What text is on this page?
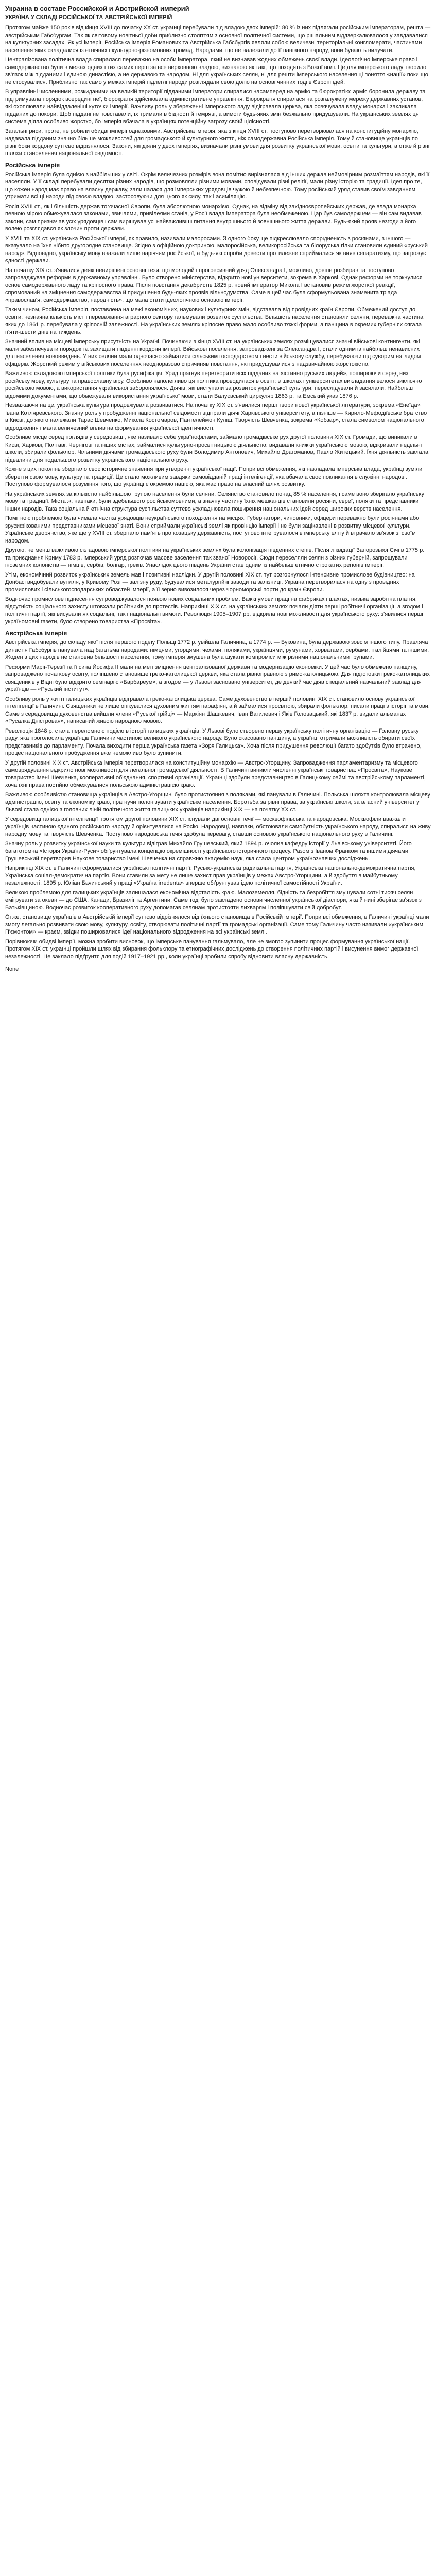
Украина в составе Российской и Австрийской империй
УКРАЇНА У СКЛАДІ РОСІЙСЬКОЇ ТА АВСТРІЙСЬКОЇ ІМПЕРІЙ

Протягом майже 150 років від кінця XVIII до початку XX ст. українці перебували під владою двох імперій: 80 % із них підлягали російським імператорам, решта — австрійським Габсбургам. Так як світовому новітньої доби приблизно століттям з основної політичної системи, що рішальним віддзеркалювалося у завдавалися на культурних засадах. Як усі імперії, Російська імперія Романових та Австрійська Габсбургів являли собою величезні територіальні конгломерати, частинами населення яких складалися із етнічних і культурно-різномовних громад. Народами, що не належали до її панівного народу, вони бувають вилучати.

Централізована політична влада спиралася переважно на особи імператора, який не визнавав жодних обмежень своєї влади. Ідеологічно імперське право і самодержавство були в межах одних і тих самих перш за все верховною владою, визнаною як такі, що походять з Божої волі. Це для імперського ладу творило зв'язок між підданими і єдиною династією, а не державою та народом. Ні для українських селян, ні для решти імперського населення ці поняття «нації» поки що не стосувалися. Приблизно так само у межах імперій підлеглі народи розглядали свою долю на основі чинних тоді в Європі ідей.

В управлінні численними, розкиданими на великій території підданими імператори спиралися насамперед на армію та бюрократію: армія боронила державу та підтримувала порядок всередині неї, бюрократія здійснювала адміністративне управління. Бюрократія спиралася на розгалужену мережу державних установ, які охоплювали найвіддаленіші куточки імперії. Важливу роль у збереженні імперського ладу відігравала церква, яка освячувала владу монарха і закликала підданих до покори. Щоб піддані не повставали, їх тримали в бідності й темряві, а вимоги будь-яких змін безжально придушували. На українських землях ця система діяла особливо жорстко, бо імперія вбачала в українцях потенційну загрозу своїй цілісності.

Загальні риси, проте, не робили обидві імперії однаковими. Австрійська імперія, яка з кінця XVIII ст. поступово перетворювалася на конституційну монархію, надавала підданим значно більше можливостей для громадського й культурного життя, ніж самодержавна Російська імперія. Тому й становище українців по різні боки кордону суттєво відрізнялося. Закони, які діяли у двох імперіях, визначали різні умови для розвитку української мови, освіти та культури, а отже й різні шляхи становлення національної свідомості.

Російська імперія

Російська імперія була однією з найбільших у світі. Окрім величезних розмірів вона помітно вирізнялася від інших держав неймовірним розмаїттям народів, які її населяли. У її складі перебували десятки різних народів, що розмовляли різними мовами, сповідували різні релігії, мали різну історію та традиції. Ідея про те, що кожен народ має право на власну державу, залишалася для імперських урядовців чужою й небезпечною. Тому російський уряд ставив своїм завданням утримати всі ці народи під своєю владою, застосовуючи для цього як силу, так і асиміляцію.

Росія XVIII ст., як і більшість держав тогочасної Європи, була абсолютною монархією. Однак, на відміну від західноєвропейських держав, де влада монарха певною мірою обмежувалася законами, звичаями, привілеями станів, у Росії влада імператора була необмеженою. Цар був самодержцем — він сам видавав закони, сам призначав усіх урядовців і сам вирішував усі найважливіші питання внутрішнього й зовнішнього життя держави. Будь-який прояв незгоди з його волею розглядався як злочин проти держави.

У XVIII та XIX ст. українська Російської імперії, як правило, називали малоросами. З одного боку, це підкреслювало спорідненість з росіянами, з іншого — вказувало на їхнє нібито другорядне становище. Згідно з офіційною доктриною, малоросійська, великоросійська та білоруська гілки становили єдиний «руський народ». Відповідно, українську мову вважали лише наріччям російської, а будь-які спроби довести протилежне сприймалися як вияв сепаратизму, що загрожує єдності держави.

На початку XIX ст. з'явилися деякі невирішені основні тези, що молодий і прогресивний уряд Олександра I, можливо, довше розбирав та поступово запроваджував реформи в державному управлінні. Було створено міністерства, відкрито нові університети, зокрема в Харкові. Однак реформи не торкнулися основ самодержавного ладу та кріпосного права. Після повстання декабристів 1825 р. новий імператор Микола I встановив режим жорсткої реакції, спрямований на зміцнення самодержавства й придушення будь-яких проявів вільнодумства. Саме в цей час була сформульована знаменита тріада «православ'я, самодержавство, народність», що мала стати ідеологічною основою імперії.

Таким чином, Російська імперія, поставлена на межі економічних, наукових і культурних змін, відставала від провідних країн Європи. Обмежений доступ до освіти, незначна кількість міст і переважання аграрного сектору гальмували розвиток суспільства. Більшість населення становили селяни, переважна частина яких до 1861 р. перебувала у кріпосній залежності. На українських землях кріпосне право мало особливо тяжкі форми, а панщина в окремих губерніях сягала п'яти-шести днів на тиждень.

Значний вплив на місцеві імперську присутність на Україні. Починаючи з кінця XVIII ст. на українських землях розміщувалися значні військові контингенти, які мали забезпечувати порядок та захищати південні кордони імперії. Військові поселення, запроваджені за Олександра I, стали одним із найбільш ненависних для населення нововведень. У них селяни мали одночасно займатися сільським господарством і нести військову службу, перебуваючи під суворим наглядом офіцерів. Жорсткий режим у військових поселеннях неодноразово спричиняв повстання, які придушувалися з надзвичайною жорстокістю.

Важливою складовою імперської політики була русифікація. Уряд прагнув перетворити всіх підданих на «істинно руських людей», поширюючи серед них російську мову, культуру та православну віру. Особливо наполегливо ця політика проводилася в освіті: в школах і університетах викладання велося виключно російською мовою, а використання української заборонялося. Діячів, які виступали за розвиток української культури, переслідували й засилали. Найбільш відомими документами, що обмежували використання української мови, стали Валуєвський циркуляр 1863 р. та Емський указ 1876 р.

Незважаючи на це, українська культура продовжувала розвиватися. На початку XIX ст. з'явилися перші твори нової української літератури, зокрема «Енеїда» Івана Котляревського. Значну роль у пробудженні національної свідомості відіграли діячі Харківського університету, а пізніше — Кирило-Мефодіївське братство в Києві, до якого належали Тарас Шевченко, Микола Костомаров, Пантелеймон Куліш. Творчість Шевченка, зокрема «Кобзар», стала символом національного відродження і мала величезний вплив на формування української ідентичності.

Особливе місце серед поглядів у середовищі, яке називало себе українофілами, займало громадівське рух другої половини XIX ст. Громади, що виникали в Києві, Харкові, Полтаві, Чернігові та інших містах, займалися культурно-просвітницькою діяльністю: видавали книжки українською мовою, відкривали недільні школи, збирали фольклор. Чільними діячами громадівського руху були Володимир Антонович, Михайло Драгоманов, Павло Житецький. Їхня діяльність заклала підвалини для подальшого розвитку українського національного руху.

Кожне з цих поколінь зберігало своє історичне значення при утворенні української нації. Попри всі обмеження, які накладала імперська влада, українці зуміли зберегти свою мову, культуру та традиції. Це стало можливим завдяки самовідданій праці інтелігенції, яка вбачала своє покликання в служінні народові. Поступово формувалося розуміння того, що українці є окремою нацією, яка має право на власний шлях розвитку.

На українських землях за кількістю найбільшою групою населення були селяни. Селянство становило понад 85 % населення, і саме воно зберігало українську мову та традиції. Міста ж, навпаки, були здебільшого російськомовними, а значну частину їхніх мешканців становили росіяни, євреї, поляки та представники інших народів. Така соціальна й етнічна структура суспільства суттєво ускладнювала поширення національних ідей серед широких верств населення.

Помітною проблемою була чимала частка урядовців неукраїнського походження на місцях. Губернатори, чиновники, офіцери переважно були росіянами або зрусифікованими представниками місцевої знаті. Вони сприймали українські землі як провінцію імперії і не були зацікавлені в розвитку місцевої культури. Українське дворянство, яке ще у XVIII ст. зберігало пам'ять про козацьку державність, поступово інтегрувалося в імперську еліту й втрачало зв'язок зі своїм народом.

Другою, не менш важливою складовою імперської політики на українських землях була колонізація південних степів. Після ліквідації Запорозької Січі в 1775 р. та приєднання Криму 1783 р. імперський уряд розпочав масове заселення так званої Новоросії. Сюди переселяли селян з різних губерній, запрошували іноземних колоністів — німців, сербів, болгар, греків. Унаслідок цього південь України став одним із найбільш етнічно строкатих регіонів імперії.

Утім, економічний розвиток українських земель мав і позитивні наслідки. У другій половині XIX ст. тут розгорнулося інтенсивне промислове будівництво: на Донбасі видобували вугілля, у Кривому Розі — залізну руду, будувалися металургійні заводи та залізниці. Україна перетворилася на одну з провідних промислових і сільськогосподарських областей імперії, а її зерно вивозилося через чорноморські порти до країн Європи.

Водночас промислове піднесення супроводжувалося появою нових соціальних проблем. Важкі умови праці на фабриках і шахтах, низька заробітна платня, відсутність соціального захисту штовхали робітників до протестів. Наприкінці XIX ст. на українських землях почали діяти перші робітничі організації, а згодом і політичні партії, які висували як соціальні, так і національні вимоги. Революція 1905–1907 рр. відкрила нові можливості для українського руху: з'явилися перші україномовні газети, було створено товариства «Просвіта».

Австрійська імперія

Австрійська імперія, до складу якої після першого поділу Польщі 1772 р. увійшла Галичина, а 1774 р. — Буковина, була державою зовсім іншого типу. Правляча династія Габсбургів панувала над багатьма народами: німцями, угорцями, чехами, поляками, українцями, румунами, хорватами, сербами, італійцями та іншими. Жоден з цих народів не становив більшості населення, тому імперія змушена була шукати компроміси між різними національними групами.

Реформи Марії-Терезії та її сина Йосифа II мали на меті зміцнення централізованої держави та модернізацію економіки. У цей час було обмежено панщину, запроваджено початкову освіту, поліпшено становище греко-католицької церкви, яка стала рівноправною з римо-католицькою. Для підготовки греко-католицьких священиків у Відні було відкрито семінарію «Барбареум», а згодом — у Львові засновано університет, де деякий час діяв спеціальний навчальний заклад для українців — «Руський інститут».

Особливу роль у житті галицьких українців відігравала греко-католицька церква. Саме духовенство в першій половині XIX ст. становило основу української інтелігенції в Галичині. Священики не лише опікувалися духовним життям парафіян, а й займалися просвітою, збирали фольклор, писали праці з історії та мови. Саме з середовища духовенства вийшли члени «Руської трійці» — Маркіян Шашкевич, Іван Вагилевич і Яків Головацький, які 1837 р. видали альманах «Русалка Дністровая», написаний живою народною мовою.

Революція 1848 р. стала переломною подією в історії галицьких українців. У Львові було створено першу українську політичну організацію — Головну руську раду, яка проголосила українців Галичини частиною великого українського народу. Було скасовано панщину, а українці отримали можливість обирати своїх представників до парламенту. Почала виходити перша українська газета «Зоря Галицька». Хоча після придушення революції багато здобутків було втрачено, процес національного пробудження вже неможливо було зупинити.

У другій половині XIX ст. Австрійська імперія перетворилася на конституційну монархію — Австро-Угорщину. Запровадження парламентаризму та місцевого самоврядування відкрило нові можливості для легальної громадської діяльності. В Галичині виникли численні українські товариства: «Просвіта», Наукове товариство імені Шевченка, кооперативні об'єднання, спортивні організації. Українці здобули представництво в Галицькому сеймі та австрійському парламенті, хоча їхні права постійно обмежувалися польською адміністрацією краю.

Важливою особливістю становища українців в Австро-Угорщині було протистояння з поляками, які панували в Галичині. Польська шляхта контролювала місцеву адміністрацію, освіту та економіку краю, прагнучи полонізувати українське населення. Боротьба за рівні права, за українські школи, за власний університет у Львові стала однією з головних ліній політичного життя галицьких українців наприкінці XIX — на початку XX ст.

У середовищі галицької інтелігенції протягом другої половини XIX ст. існували дві основні течії — москвофільська та народовська. Москвофіли вважали українців частиною єдиного російського народу й орієнтувалися на Росію. Народовці, навпаки, обстоювали самобутність українського народу, спиралися на живу народну мову та творчість Шевченка. Поступово народовська течія здобула перевагу, ставши основою українського національного руху в Галичині.

Значну роль у розвитку української науки та культури відіграв Михайло Грушевський, який 1894 р. очолив кафедру історії у Львівському університеті. Його багатотомна «Історія України-Руси» обґрунтувала концепцію окремішності українського історичного процесу. Разом з Іваном Франком та іншими діячами Грушевський перетворив Наукове товариство імені Шевченка на справжню академію наук, яка стала центром українознавчих досліджень.

Наприкінці XIX ст. в Галичині сформувалися українські політичні партії: Русько-українська радикальна партія, Українська національно-демократична партія, Українська соціал-демократична партія. Вони ставили за мету не лише захист прав українців у межах Австро-Угорщини, а й здобуття в майбутньому незалежності. 1895 р. Юліан Бачинський у праці «Україна irredenta» вперше обґрунтував ідею політичної самостійності України.

Великою проблемою для галицьких українців залишалася економічна відсталість краю. Малоземелля, бідність та безробіття змушували сотні тисяч селян емігрувати за океан — до США, Канади, Бразилії та Аргентини. Саме тоді було закладено основи численної української діаспори, яка й нині зберігає зв'язок з Батьківщиною. Водночас розвиток кооперативного руху допомагав селянам протистояти лихварям і поліпшувати свій добробут.

Отже, становище українців в Австрійській імперії суттєво відрізнялося від їхнього становища в Російській імперії. Попри всі обмеження, в Галичині українці мали змогу легально розвивати свою мову, культуру, освіту, створювати політичні партії та громадські організації. Саме тому Галичину часто називали «українським П'ємонтом» — краєм, звідки поширювалися ідеї національного відродження на всі українські землі.

Порівнюючи обидві імперії, можна зробити висновок, що імперське панування гальмувало, але не змогло зупинити процес формування української нації. Протягом XIX ст. українці пройшли шлях від збирання фольклору та етнографічних досліджень до створення політичних партій і висунення вимог державної незалежності. Це заклало підґрунтя для подій 1917–1921 рр., коли українці зробили спробу відновити власну державність.

None
